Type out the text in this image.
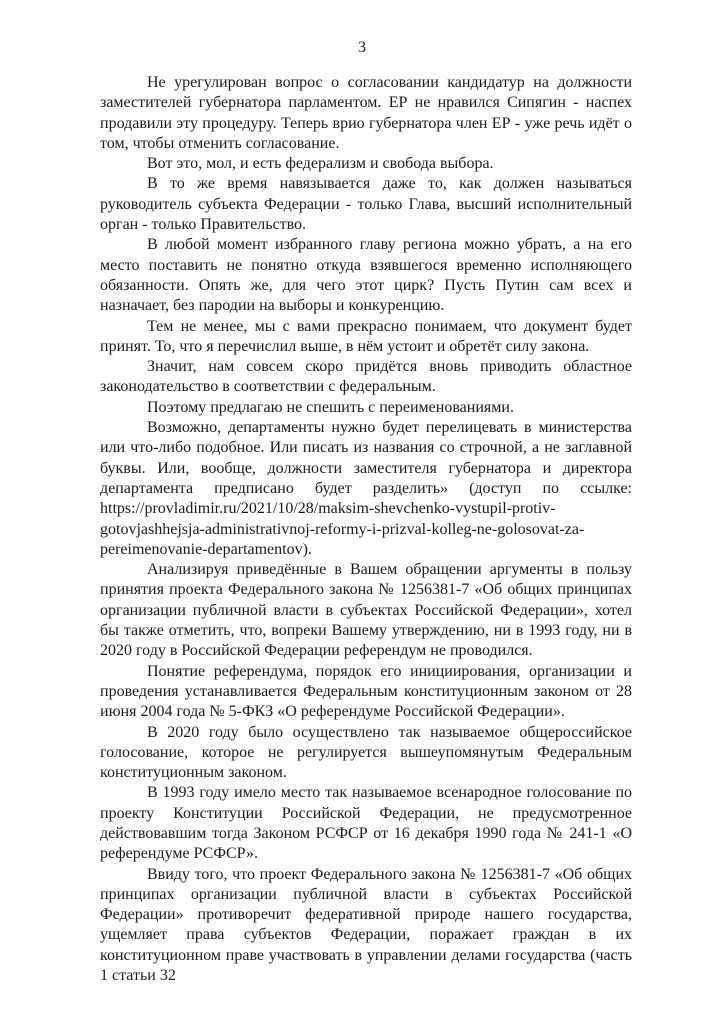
3

Не урегулирован вопрос о согласовании кандидатур на должности заместителей губернатора парламентом. ЕР не нравился Сипягин - наспех продавили эту процедуру. Теперь врио губернатора член ЕР - уже речь идёт о том, чтобы отменить согласование.

Вот это, мол, и есть федерализм и свобода выбора.

В то же время навязывается даже то, как должен называться руководитель субъекта Федерации - только Глава, высший исполнительный орган - только Правительство.

В любой момент избранного главу региона можно убрать, а на его место поставить не понятно откуда взявшегося временно исполняющего обязанности. Опять же, для чего этот цирк? Пусть Путин сам всех и назначает, без пародии на выборы и конкуренцию.

Тем не менее, мы с вами прекрасно понимаем, что документ будет принят. То, что я перечислил выше, в нём устоит и обретёт силу закона.

Значит, нам совсем скоро придётся вновь приводить областное законодательство в соответствии с федеральным.

Поэтому предлагаю не спешить с переименованиями.

Возможно, департаменты нужно будет перелицевать в министерства или что-либо подобное. Или писать из названия со строчной, а не заглавной буквы. Или, вообще, должности заместителя губернатора и директора департамента предписано будет разделить» (доступ по ссылке: https://provladimir.ru/2021/10/28/maksim-shevchenko-vystupil-protiv-gotovjashhejsja-administrativnoj-reformy-i-prizval-kolleg-ne-golosovat-za-pereimenovanie-departamentov).

Анализируя приведённые в Вашем обращении аргументы в пользу принятия проекта Федерального закона № 1256381-7 «Об общих принципах организации публичной власти в субъектах Российской Федерации», хотел бы также отметить, что, вопреки Вашему утверждению, ни в 1993 году, ни в 2020 году в Российской Федерации референдум не проводился.

Понятие референдума, порядок его инициирования, организации и проведения устанавливается Федеральным конституционным законом от 28 июня 2004 года № 5-ФКЗ «О референдуме Российской Федерации».

В 2020 году было осуществлено так называемое общероссийское голосование, которое не регулируется вышеупомянутым Федеральным конституционным законом.

В 1993 году имело место так называемое всенародное голосование по проекту Конституции Российской Федерации, не предусмотренное действовавшим тогда Законом РСФСР от 16 декабря 1990 года № 241-1 «О референдуме РСФСР».

Ввиду того, что проект Федерального закона № 1256381-7 «Об общих принципах организации публичной власти в субъектах Российской Федерации» противоречит федеративной природе нашего государства, ущемляет права субъектов Федерации, поражает граждан в их конституционном праве участвовать в управлении делами государства (часть 1 статьи 32
